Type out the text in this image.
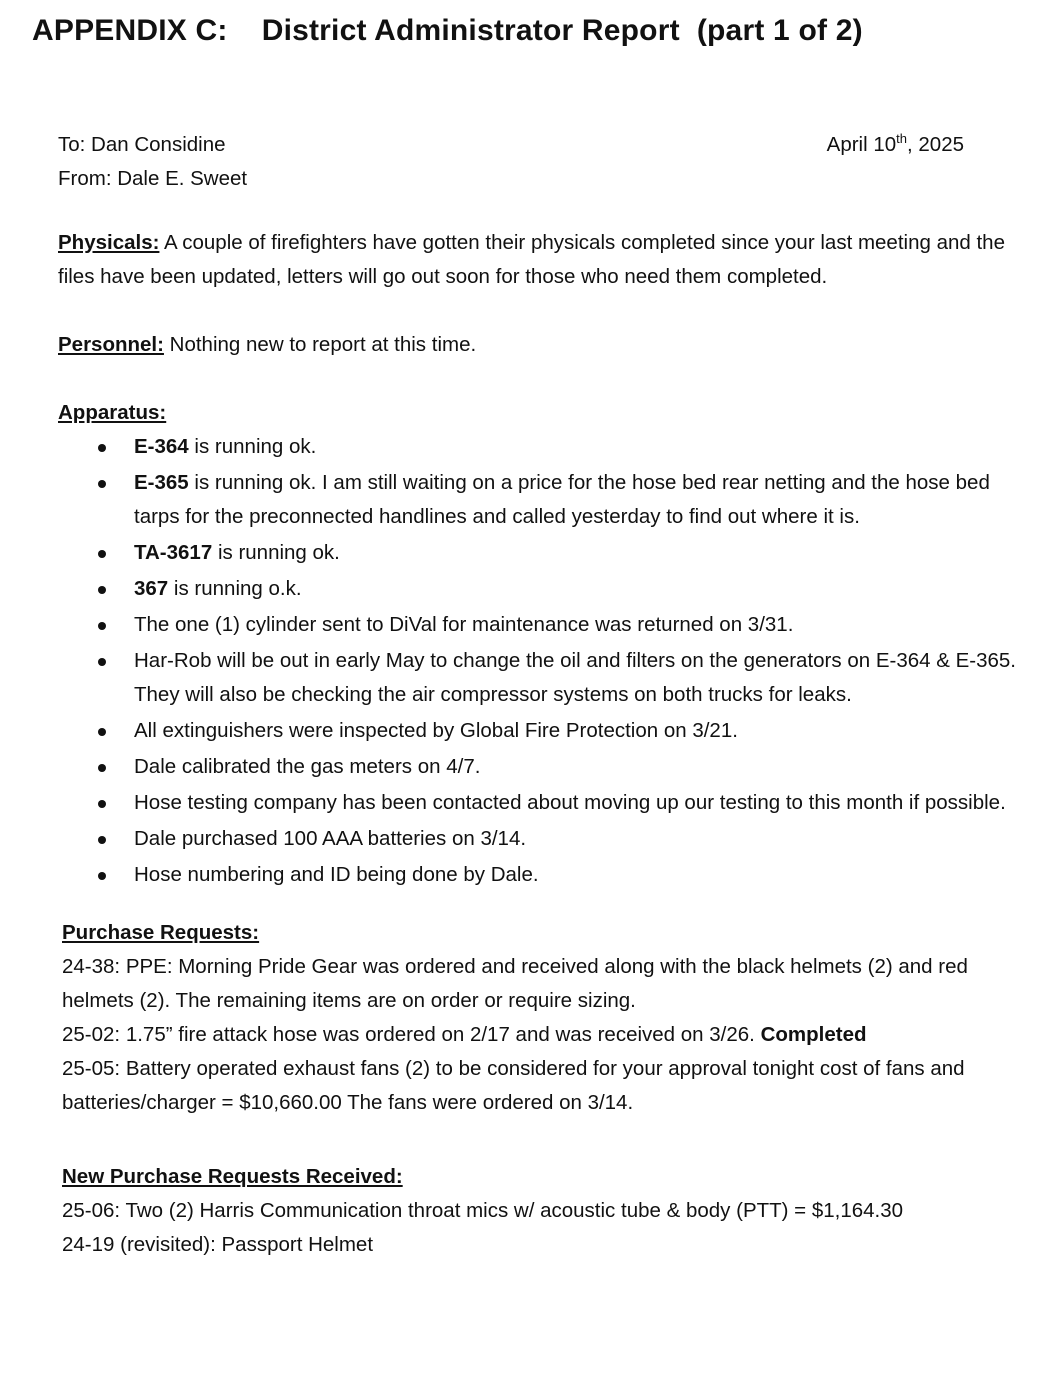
APPENDIX C: District Administrator Report  (part 1 of 2)

To: Dan Considine	April 10th, 2025

From: Dale E. Sweet

Physicals: A couple of firefighters have gotten their physicals completed since your last meeting and the files have been updated, letters will go out soon for those who need them completed.

Personnel: Nothing new to report at this time.

Apparatus:

E-364 is running ok.
E-365 is running ok. I am still waiting on a price for the hose bed rear netting and the hose bed tarps for the preconnected handlines and called yesterday to find out where it is.
TA-3617 is running ok.
367 is running o.k.
The one (1) cylinder sent to DiVal for maintenance was returned on 3/31.
Har-Rob will be out in early May to change the oil and filters on the generators on E-364 & E-365. They will also be checking the air compressor systems on both trucks for leaks.
All extinguishers were inspected by Global Fire Protection on 3/21.
Dale calibrated the gas meters on 4/7.
Hose testing company has been contacted about moving up our testing to this month if possible.
Dale purchased 100 AAA batteries on 3/14.
Hose numbering and ID being done by Dale.

Purchase Requests:

24-38: PPE: Morning Pride Gear was ordered and received along with the black helmets (2) and red helmets (2). The remaining items are on order or require sizing.

25-02: 1.75” fire attack hose was ordered on 2/17 and was received on 3/26. Completed

25-05: Battery operated exhaust fans (2) to be considered for your approval tonight cost of fans and batteries/charger = $10,660.00 The fans were ordered on 3/14.

New Purchase Requests Received:

25-06: Two (2) Harris Communication throat mics w/ acoustic tube & body (PTT) = $1,164.30

24-19 (revisited): Passport Helmet
